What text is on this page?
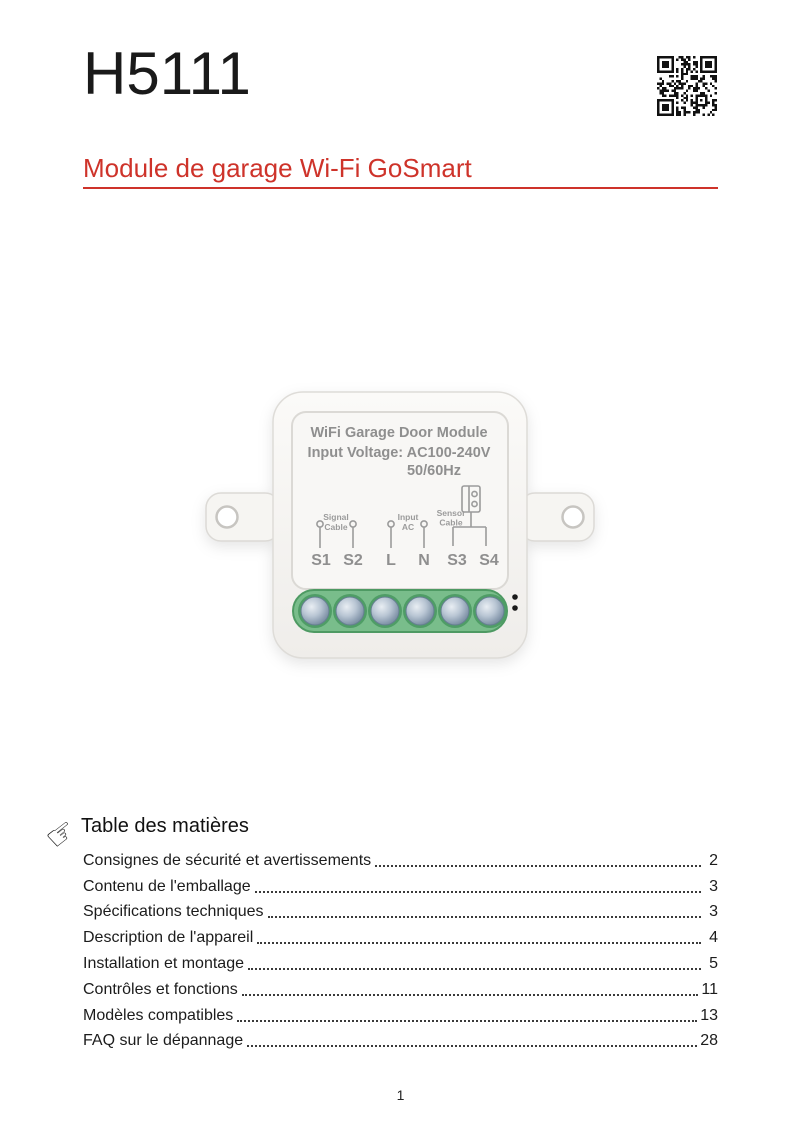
H5111
Module de garage Wi-Fi GoSmart
WiFi Garage Door Module
Input Voltage: AC100-240V
50/60Hz
Signal
Cable
Input
AC
Sensor
Cable
S1 S2 L N S3 S4
☞
Table des matières
Consignes de sécurité et avertissements	2
Contenu de l'emballage	3
Spécifications techniques	3
Description de l'appareil	4
Installation et montage	5
Contrôles et fonctions	11
Modèles compatibles	13
FAQ sur le dépannage	28
1
